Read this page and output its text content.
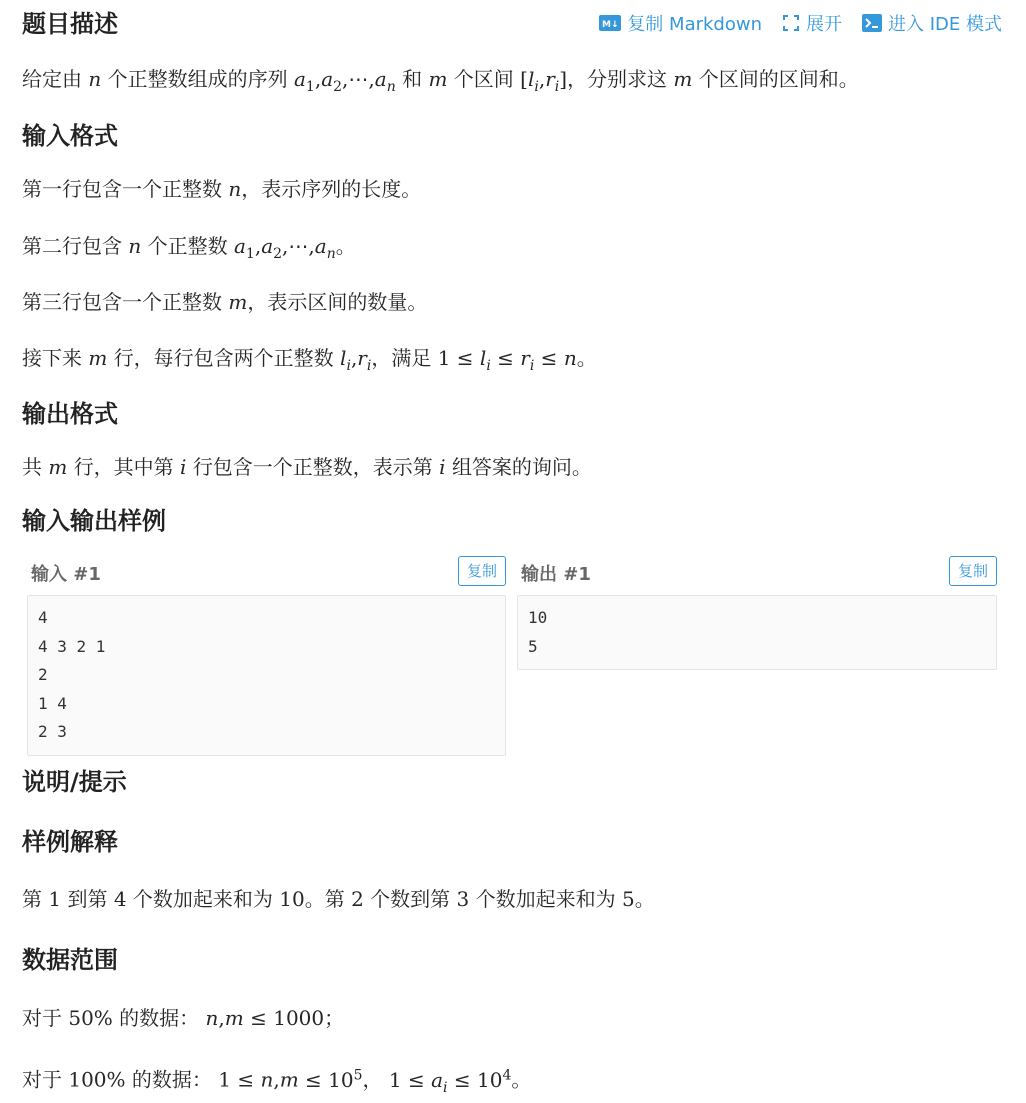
M↓ 复制 Markdown 展开	进入 IDE 模式
题目描述
给定由 n 个正整数组成的序列 $a_1,a_2,\cdots,a_n$ 和 m 个区间 $[l_i,r_i]$，分别求这 m 个区间的区间和。
输入格式
第一行包含一个正整数 n，表示序列的长度。
第二行包含 n 个正整数 $a_1,a_2,\cdots,a_n$。
第三行包含一个正整数 m，表示区间的数量。
接下来 m 行，每行包含两个正整数 $l_i,r_i$，满足 $1 \le l_i \le r_i \le n$。
输出格式
共 m 行，其中第 i 行包含一个正整数，表示第 i 组答案的询问。
输入输出样例
输入 #1	复制
4
4 3 2 1
2
1 4
2 3
输出 #1	复制
10
5
说明/提示
样例解释
第 1 到第 4 个数加起来和为 10。第 2 个数到第 3 个数加起来和为 5。
数据范围
对于 50% 的数据： n,m ≤ 1000；
对于 100% 的数据： $1 \le n,m \le 10^5$， $1 \le a_i \le 10^4$。
